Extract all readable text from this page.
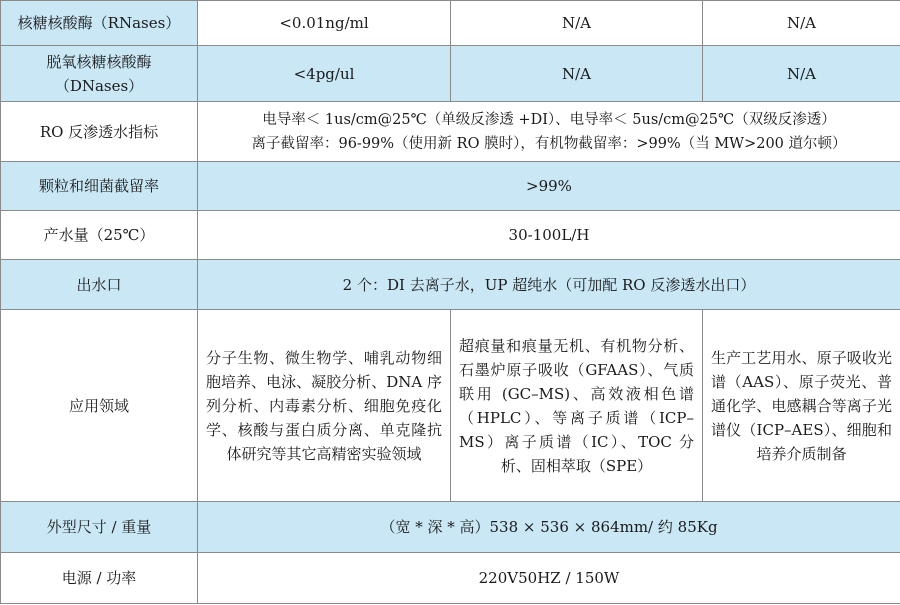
核糖核酸酶（RNases）	<0.01ng/ml	N/A	N/A

脱氧核糖核酸酶
（DNases）	<4pg/ul	N/A	N/A
RO 反渗透水指标	电导率＜ 1us/cm@25℃（单级反渗透 +DI）、电导率＜ 5us/cm@25℃（双级反渗透）
离子截留率：96-99%（使用新 RO 膜时），有机物截留率：>99%（当 MW>200 道尔顿）		

颗粒和细菌截留率	>99%		
产水量（25℃）	30-100L/H		
出水口	2 个：DI 去离子水，UP 超纯水（可加配 RO 反渗透水出口）		
应用领域	分子生物、微生物学、哺乳动物细胞培养、电泳、凝胶分析、DNA 序列分析、内毒素分析、细胞免疫化学、核酸与蛋白质分离、单克隆抗体研究等其它高精密实验领域	超痕量和痕量无机、有机物分析、石墨炉原子吸收（GFAAS）、气质联用 (GC–MS)、高效液相色谱（HPLC）、等离子质谱（ICP–MS）离子质谱（IC）、TOC 分析、固相萃取（SPE）	生产工艺用水、原子吸收光谱（AAS）、原子荧光、普通化学、电感耦合等离子光谱仪（ICP–AES）、细胞和培养介质制备
外型尺寸 / 重量	（宽 * 深 * 高）538 × 536 × 864mm/ 约 85Kg		
电源 / 功率	220V50HZ / 150W		
